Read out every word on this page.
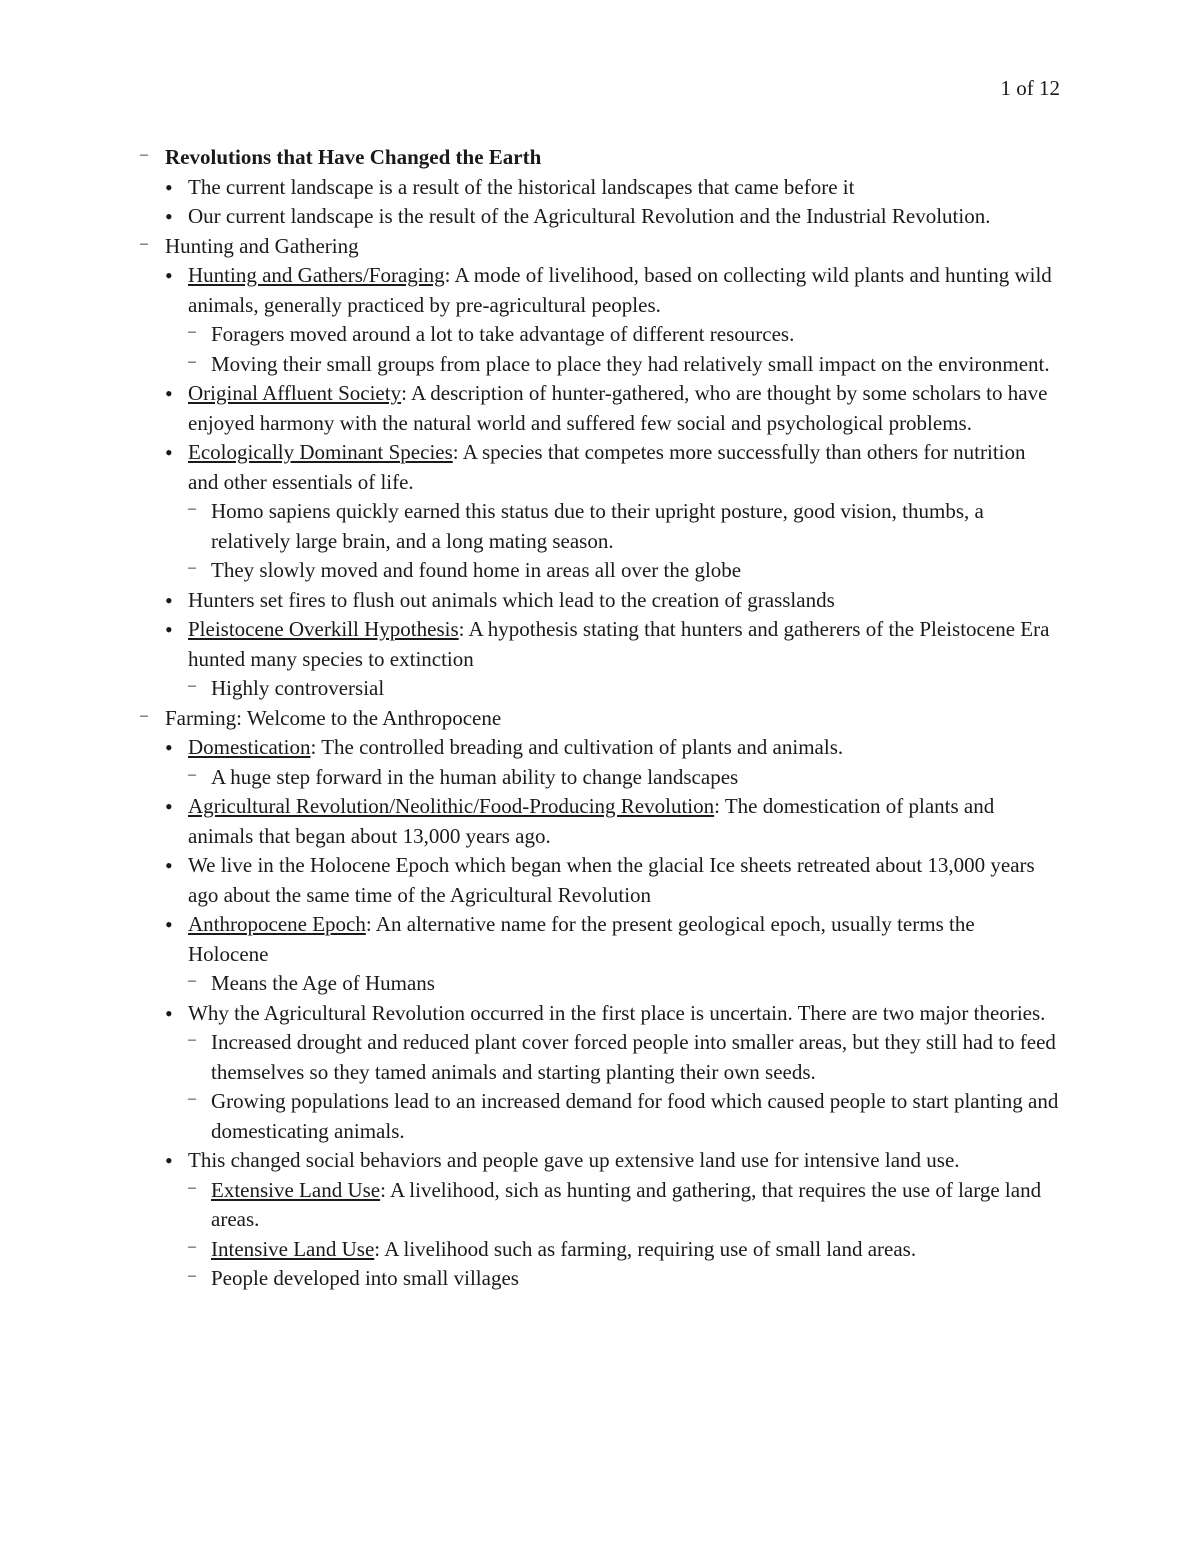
1 of 12

– Revolutions that Have Changed the Earth
• The current landscape is a result of the historical landscapes that came before it
• Our current landscape is the result of the Agricultural Revolution and the Industrial Revolution.
– Hunting and Gathering
• Hunting and Gathers/Foraging: A mode of livelihood, based on collecting wild plants and hunting wild animals, generally practiced by pre-agricultural peoples.
– Foragers moved around a lot to take advantage of different resources.
– Moving their small groups from place to place they had relatively small impact on the environment.
• Original Affluent Society: A description of hunter-gathered, who are thought by some scholars to have enjoyed harmony with the natural world and suffered few social and psychological problems.
• Ecologically Dominant Species: A species that competes more successfully than others for nutrition and other essentials of life.
– Homo sapiens quickly earned this status due to their upright posture, good vision, thumbs, a relatively large brain, and a long mating season.
– They slowly moved and found home in areas all over the globe
• Hunters set fires to flush out animals which lead to the creation of grasslands
• Pleistocene Overkill Hypothesis: A hypothesis stating that hunters and gatherers of the Pleistocene Era hunted many species to extinction
– Highly controversial
– Farming: Welcome to the Anthropocene
• Domestication: The controlled breading and cultivation of plants and animals.
– A huge step forward in the human ability to change landscapes
• Agricultural Revolution/Neolithic/Food-Producing Revolution: The domestication of plants and animals that began about 13,000 years ago.
• We live in the Holocene Epoch which began when the glacial Ice sheets retreated about 13,000 years ago about the same time of the Agricultural Revolution
• Anthropocene Epoch: An alternative name for the present geological epoch, usually terms the Holocene
– Means the Age of Humans
• Why the Agricultural Revolution occurred in the first place is uncertain. There are two major theories.
– Increased drought and reduced plant cover forced people into smaller areas, but they still had to feed themselves so they tamed animals and starting planting their own seeds.
– Growing populations lead to an increased demand for food which caused people to start planting and domesticating animals.
• This changed social behaviors and people gave up extensive land use for intensive land use.
– Extensive Land Use: A livelihood, sich as hunting and gathering, that requires the use of large land areas.
– Intensive Land Use: A livelihood such as farming, requiring use of small land areas.
– People developed into small villages
